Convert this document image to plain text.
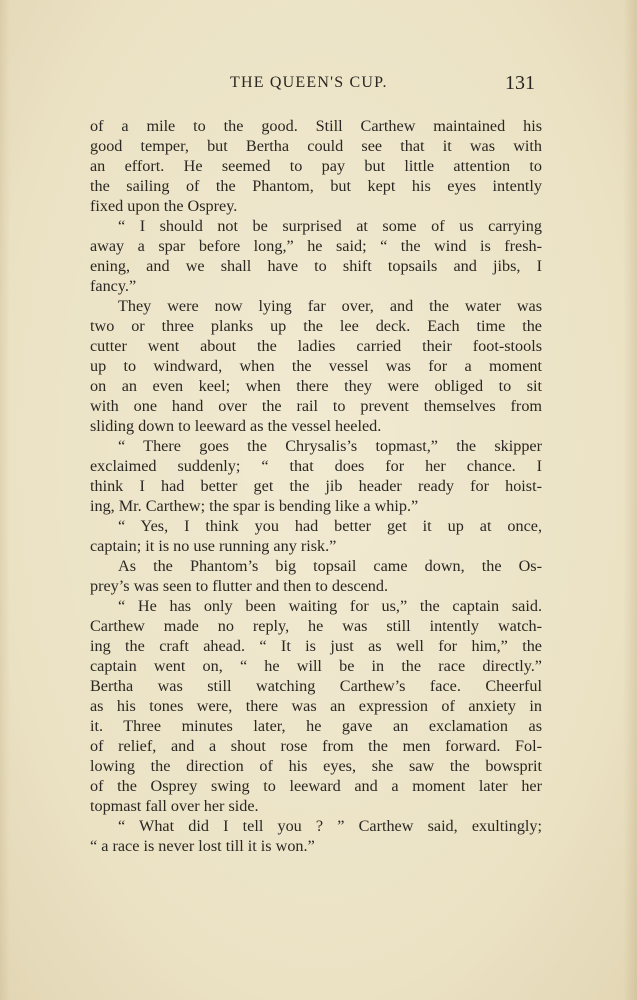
THE QUEEN'S CUP.	131
of a mile to the good. Still Carthew maintained his
good temper, but Bertha could see that it was with
an effort. He seemed to pay but little attention to
the sailing of the Phantom, but kept his eyes intently
fixed upon the Osprey.
“ I should not be surprised at some of us carrying
away a spar before long,” he said; “ the wind is fresh-
ening, and we shall have to shift topsails and jibs, I
fancy.”
They were now lying far over, and the water was
two or three planks up the lee deck. Each time the
cutter went about the ladies carried their foot-stools
up to windward, when the vessel was for a moment
on an even keel; when there they were obliged to sit
with one hand over the rail to prevent themselves from
sliding down to leeward as the vessel heeled.
“ There goes the Chrysalis’s topmast,” the skipper
exclaimed suddenly; “ that does for her chance. I
think I had better get the jib header ready for hoist-
ing, Mr. Carthew; the spar is bending like a whip.”
“ Yes, I think you had better get it up at once,
captain; it is no use running any risk.”
As the Phantom’s big topsail came down, the Os-
prey’s was seen to flutter and then to descend.
“ He has only been waiting for us,” the captain said.
Carthew made no reply, he was still intently watch-
ing the craft ahead. “ It is just as well for him,” the
captain went on, “ he will be in the race directly.”
Bertha was still watching Carthew’s face. Cheerful
as his tones were, there was an expression of anxiety in
it. Three minutes later, he gave an exclamation as
of relief, and a shout rose from the men forward. Fol-
lowing the direction of his eyes, she saw the bowsprit
of the Osprey swing to leeward and a moment later her
topmast fall over her side.
“ What did I tell you ? ” Carthew said, exultingly;
“ a race is never lost till it is won.”
